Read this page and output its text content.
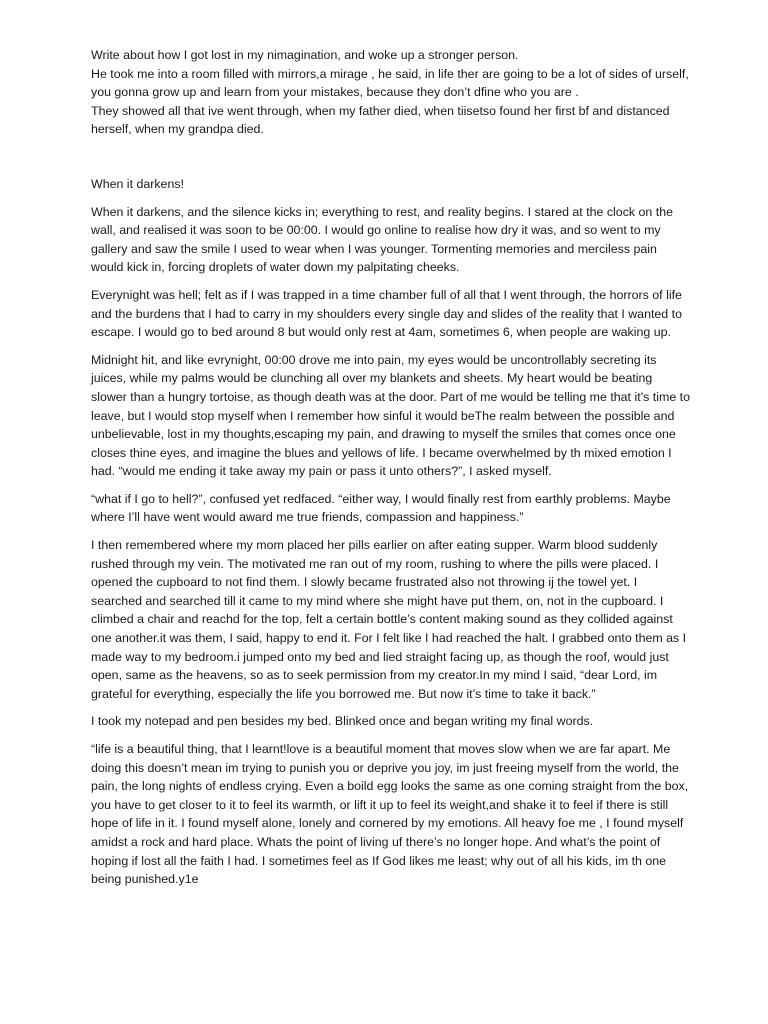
Write about how I got lost in my nimagination, and woke up a stronger person.

He took me into a room filled with mirrors,a mirage , he said, in life ther are going to be a lot of sides of urself, you gonna grow up and learn from your mistakes, because they don’t dfine who you are .

They showed all that ive went through, when my father died, when tiisetso found her first bf and distanced herself, when my grandpa died.

When it darkens!

When it darkens, and the silence kicks in; everything to rest, and reality begins. I stared at the clock on the wall, and realised it was soon to be 00:00. I would go online to realise how dry it was, and so went to my gallery and saw the smile I used to wear when I was younger. Tormenting memories and merciless pain would kick in, forcing droplets of water down my palpitating cheeks.

Everynight was hell; felt as if I was trapped in a time chamber full of all that I went through, the horrors of life and the burdens that I had to carry in my shoulders every single day and slides of the reality that I wanted to escape. I would go to bed around 8 but would only rest at 4am, sometimes 6, when people are waking up.

Midnight hit, and like evrynight, 00:00 drove me into pain, my eyes would be uncontrollably secreting its juices, while my palms would be clunching all over my blankets and sheets. My heart would be beating slower than a hungry tortoise, as though death was at the door. Part of me would be telling me that it’s time to leave, but I would stop myself when I remember how sinful it would beThe realm between the possible and unbelievable, lost in my thoughts,escaping my pain, and drawing to myself the smiles that comes once one closes thine eyes, and imagine the blues and yellows of life. I became overwhelmed by th mixed emotion I had. “would me ending it take away my pain or pass it unto others?”, I asked myself.

“what if I go to hell?”, confused yet redfaced. “either way, I would finally rest from earthly problems. Maybe where I’ll have went would award me true friends, compassion and happiness.”

I then remembered where my mom placed her pills earlier on after eating supper. Warm blood suddenly rushed through my vein. The motivated me ran out of my room, rushing to where the pills were placed. I opened the cupboard to not find them. I slowly became frustrated also not throwing ij the towel yet. I searched and searched till it came to my mind where she might have put them, on, not in the cupboard. I climbed a chair and reachd for the top, felt a certain bottle’s content making sound as they collided against one another.it was them, I said, happy to end it. For I felt like I had reached the halt. I grabbed onto them as I made way to my bedroom.i jumped onto my bed and lied straight facing up, as though the roof, would just open, same as the heavens, so as to seek permission from my creator.In my mind I said, “dear Lord, im grateful for everything, especially the life you borrowed me. But now it’s time to take it back.”

I took my notepad and pen besides my bed. Blinked once and began writing my final words.

“life is a beautiful thing, that I learnt!love is a beautiful moment that moves slow when we are far apart. Me doing this doesn’t mean im trying to punish you or deprive you joy, im just freeing myself from the world, the pain, the long nights of endless crying. Even a boild egg looks the same as one coming straight from the box, you have to get closer to it to feel its warmth, or lift it up to feel its weight,and shake it to feel if there is still hope of life in it. I found myself alone, lonely and cornered by my emotions. All heavy foe me , I found myself amidst a rock and hard place. Whats the point of living uf there’s no longer hope. And what’s the point of hoping if lost all the faith I had. I sometimes feel as If God likes me least; why out of all his kids, im th one being punished.y1e
